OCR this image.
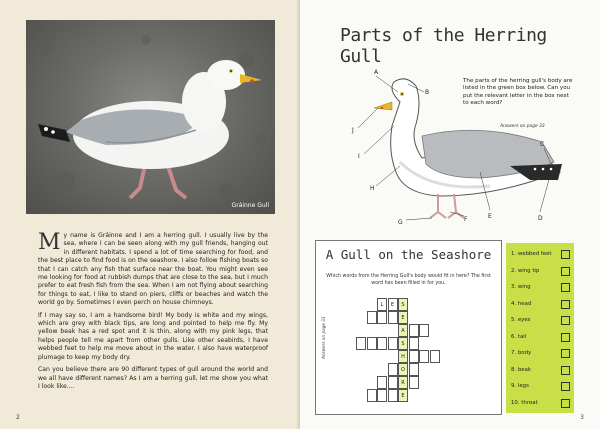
Gráinne Gull

My name is Gráinne and I am a herring gull. I usually live by the sea, where I can be seen along with my gull friends, hanging out in different habitats. I spend a lot of time searching for food, and the best place to find food is on the seashore. I also follow fishing boats so that I can catch any fish that surface near the boat. You might even see me looking for food at rubbish dumps that are close to the sea, but I much prefer to eat fresh fish from the sea. When I am not flying about searching for things to eat, I like to stand on piers, cliffs or beaches and watch the world go by. Sometimes I even perch on house chimneys.

If I may say so, I am a handsome bird! My body is white and my wings, which are grey with black tips, are long and pointed to help me fly. My yellow beak has a red spot and it is thin, along with my pink legs, that helps people tell me apart from other gulls. Like other seabirds, I have webbed feet to help me move about in the water. I also have waterproof plumage to keep my body dry.

Can you believe there are 90 different types of gull around the world and we all have different names? As I am a herring gull, let me show you what I look like....

2
Parts of the Herring Gull
The parts of the herring gull's body are listed in the green box below. Can you put the relevant letter in the box next to each word?
Answers on page 33
A
B
C
D
E
F
G
H
I
J
A Gull on the Seashore
Which words from the Herring Gull's body would fit in here? The first word has been filled in for you.
Answers on page 33
L	E	S
E
A
S
H
O
R
E
1. webbed feet
2. wing tip
3. wing
4. head
5. eyes
6. tail
7. body
8. beak
9. legs
10. throat
3
